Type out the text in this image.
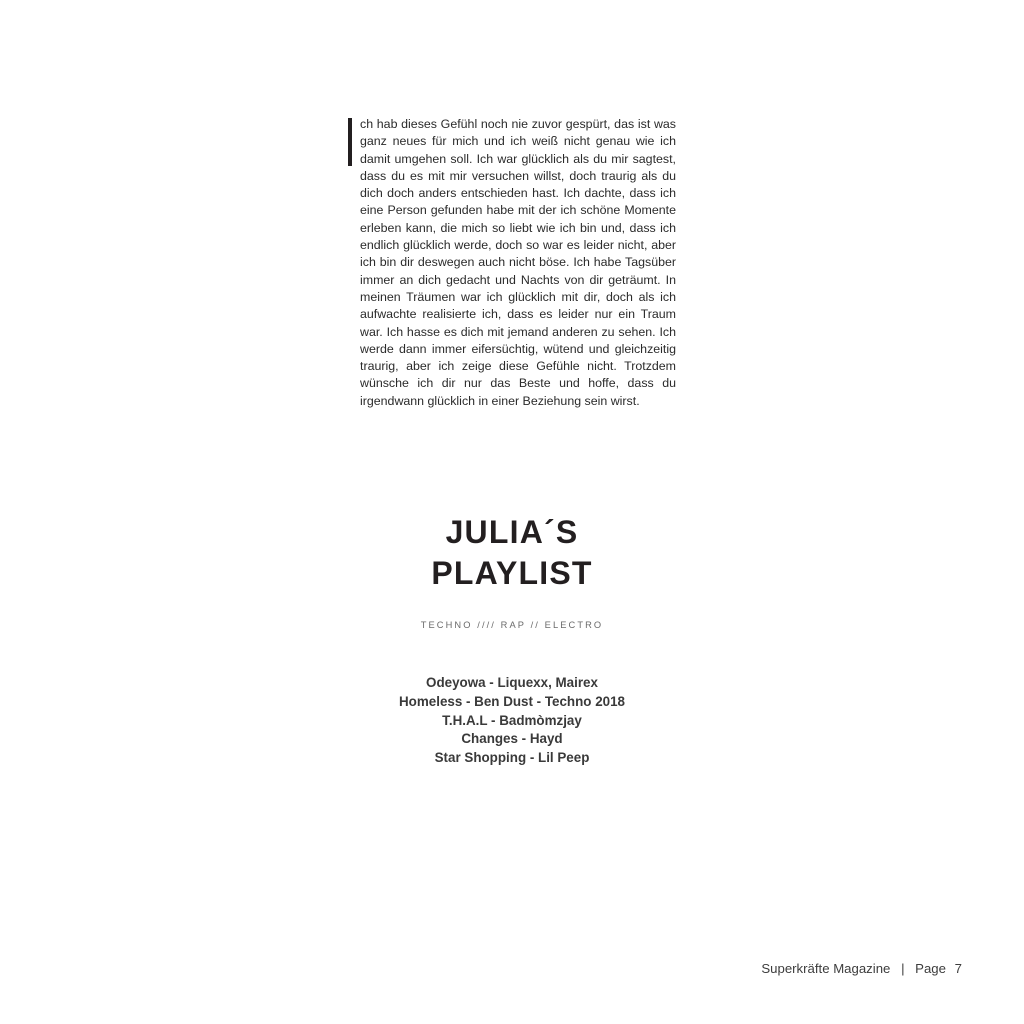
ch hab dieses Gefühl noch nie zuvor gespürt, das ist was ganz neues für mich und ich weiß nicht genau wie ich damit umgehen soll. Ich war glücklich als du mir sagtest, dass du es mit mir versuchen willst, doch traurig als du dich doch anders entschieden hast. Ich dachte, dass ich eine Person gefunden habe mit der ich schöne Momente erleben kann, die mich so liebt wie ich bin und, dass ich endlich glücklich werde, doch so war es leider nicht, aber ich bin dir deswegen auch nicht böse. Ich habe Tagsüber immer an dich gedacht und Nachts von dir geträumt. In meinen Träumen war ich glücklich mit dir, doch als ich aufwachte realisierte ich, dass es leider nur ein Traum war. Ich hasse es dich mit jemand anderen zu sehen. Ich werde dann immer eifersüchtig, wütend und gleichzeitig traurig, aber ich zeige diese Gefühle nicht. Trotzdem wünsche ich dir nur das Beste und hoffe, dass du irgendwann glücklich in einer Beziehung sein wirst.

JULIA´S
PLAYLIST
TECHNO //// RAP // ELECTRO
Odeyowa - Liquexx, Mairex
Homeless - Ben Dust - Techno 2018
T.H.A.L - Badmòmzjay
Changes - Hayd
Star Shopping - Lil Peep
Superkräfte Magazine | Page 7
